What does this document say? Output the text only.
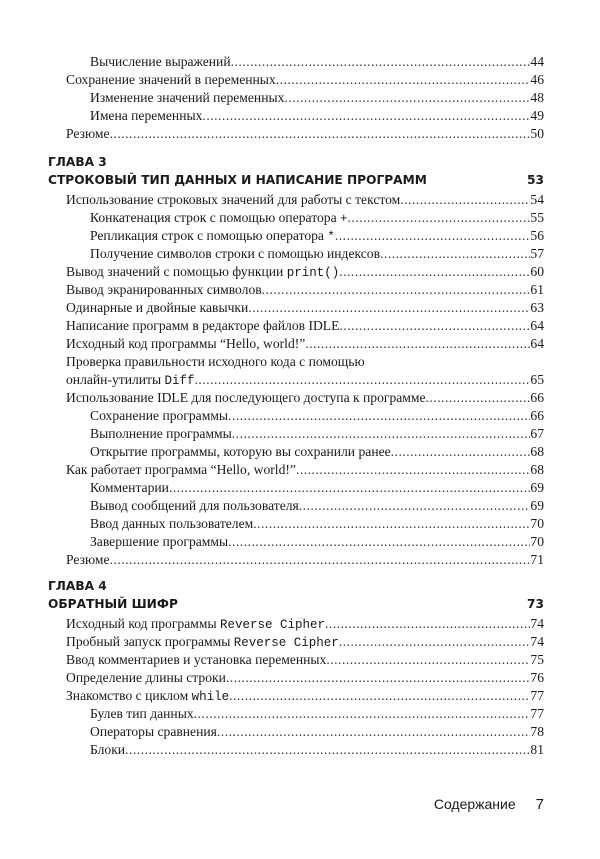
Вычисление выражений .....	44
Сохранение значений в переменных .....	46
Изменение значений переменных .....	48
Имена переменных .....	49
Резюме .....	50
ГЛАВА 3
СТРОКОВЫЙ ТИП ДАННЫХ И НАПИСАНИЕ ПРОГРАММ	53
Использование строковых значений для работы с текстом .....	54
Конкатенация строк с помощью оператора + .....	55
Репликация строк с помощью оператора * .....	56
Получение символов строки с помощью индексов .....	57
Вывод значений с помощью функции print() .....	60
Вывод экранированных символов .....	61
Одинарные и двойные кавычки .....	63
Написание программ в редакторе файлов IDLE .....	64
Исходный код программы “Hello, world!” .....	64
Проверка правильности исходного кода с помощью
онлайн-утилиты Diff .....	65
Использование IDLE для последующего доступа к программе .....	66
Сохранение программы .....	66
Выполнение программы .....	67
Открытие программы, которую вы сохранили ранее .....	68
Как работает программа “Hello, world!” .....	68
Комментарии .....	69
Вывод сообщений для пользователя .....	69
Ввод данных пользователем .....	70
Завершение программы .....	70
Резюме .....	71
ГЛАВА 4
ОБРАТНЫЙ ШИФР	73
Исходный код программы Reverse Cipher .....	74
Пробный запуск программы Reverse Cipher .....	74
Ввод комментариев и установка переменных .....	75
Определение длины строки .....	76
Знакомство с циклом while .....	77
Булев тип данных .....	77
Операторы сравнения .....	78
Блоки .....	81
Содержание 7
